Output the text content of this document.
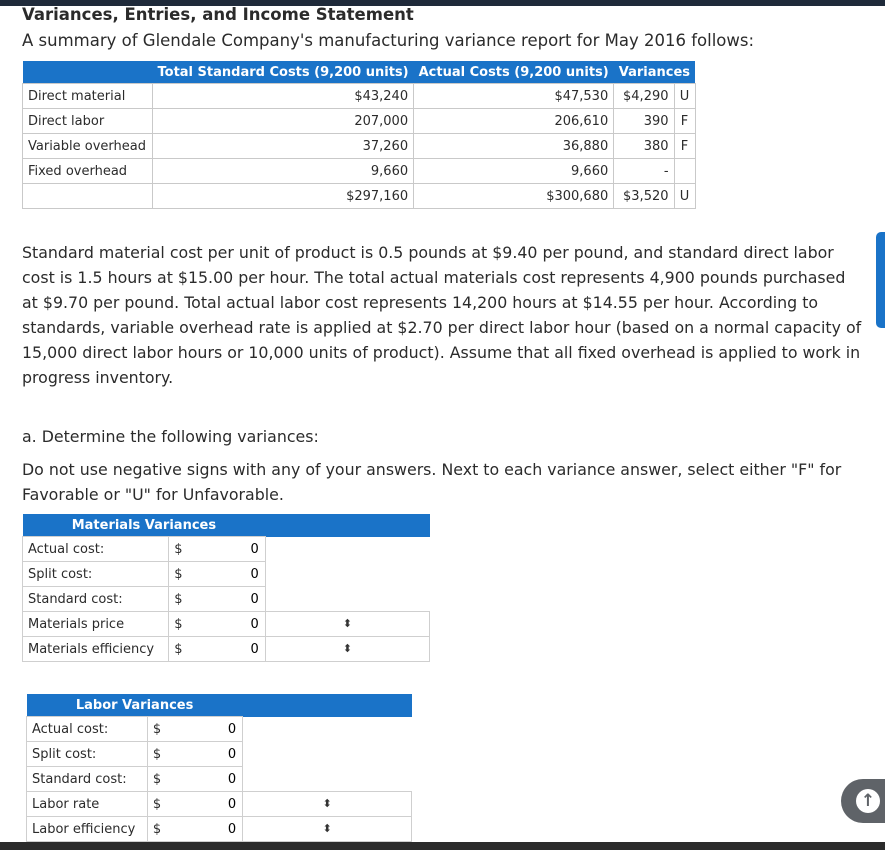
Variances, Entries, and Income Statement
A summary of Glendale Company's manufacturing variance report for May 2016 follows:
	Total Standard Costs (9,200 units)	Actual Costs (9,200 units)	Variances	
Direct material	$43,240	$47,530	$4,290	U
Direct labor	207,000	206,610	390	F
Variable overhead	37,260	36,880	380	F
Fixed overhead	9,660	9,660	-	
	$297,160	$300,680	$3,520	U
Standard material cost per unit of product is 0.5 pounds at $9.40 per pound, and standard direct labor cost is 1.5 hours at $15.00 per hour. The total actual materials cost represents 4,900 pounds purchased at $9.70 per pound. Total actual labor cost represents 14,200 hours at $14.55 per hour. According to standards, variable overhead rate is applied at $2.70 per direct labor hour (based on a normal capacity of 15,000 direct labor hours or 10,000 units of product). Assume that all fixed overhead is applied to work in progress inventory.
a. Determine the following variances:
Do not use negative signs with any of your answers. Next to each variance answer, select either "F" for Favorable or "U" for Unfavorable.
Materials Variances			
Actual cost:	$	0	
Split cost:	$	0	
Standard cost:	$	0	
Materials price	$	0	⬍
Materials efficiency	$	0	⬍
Labor Variances			
Actual cost:	$	0	
Split cost:	$	0	
Standard cost:	$	0	
Labor rate	$	0	⬍
Labor efficiency	$	0	⬍
↑
